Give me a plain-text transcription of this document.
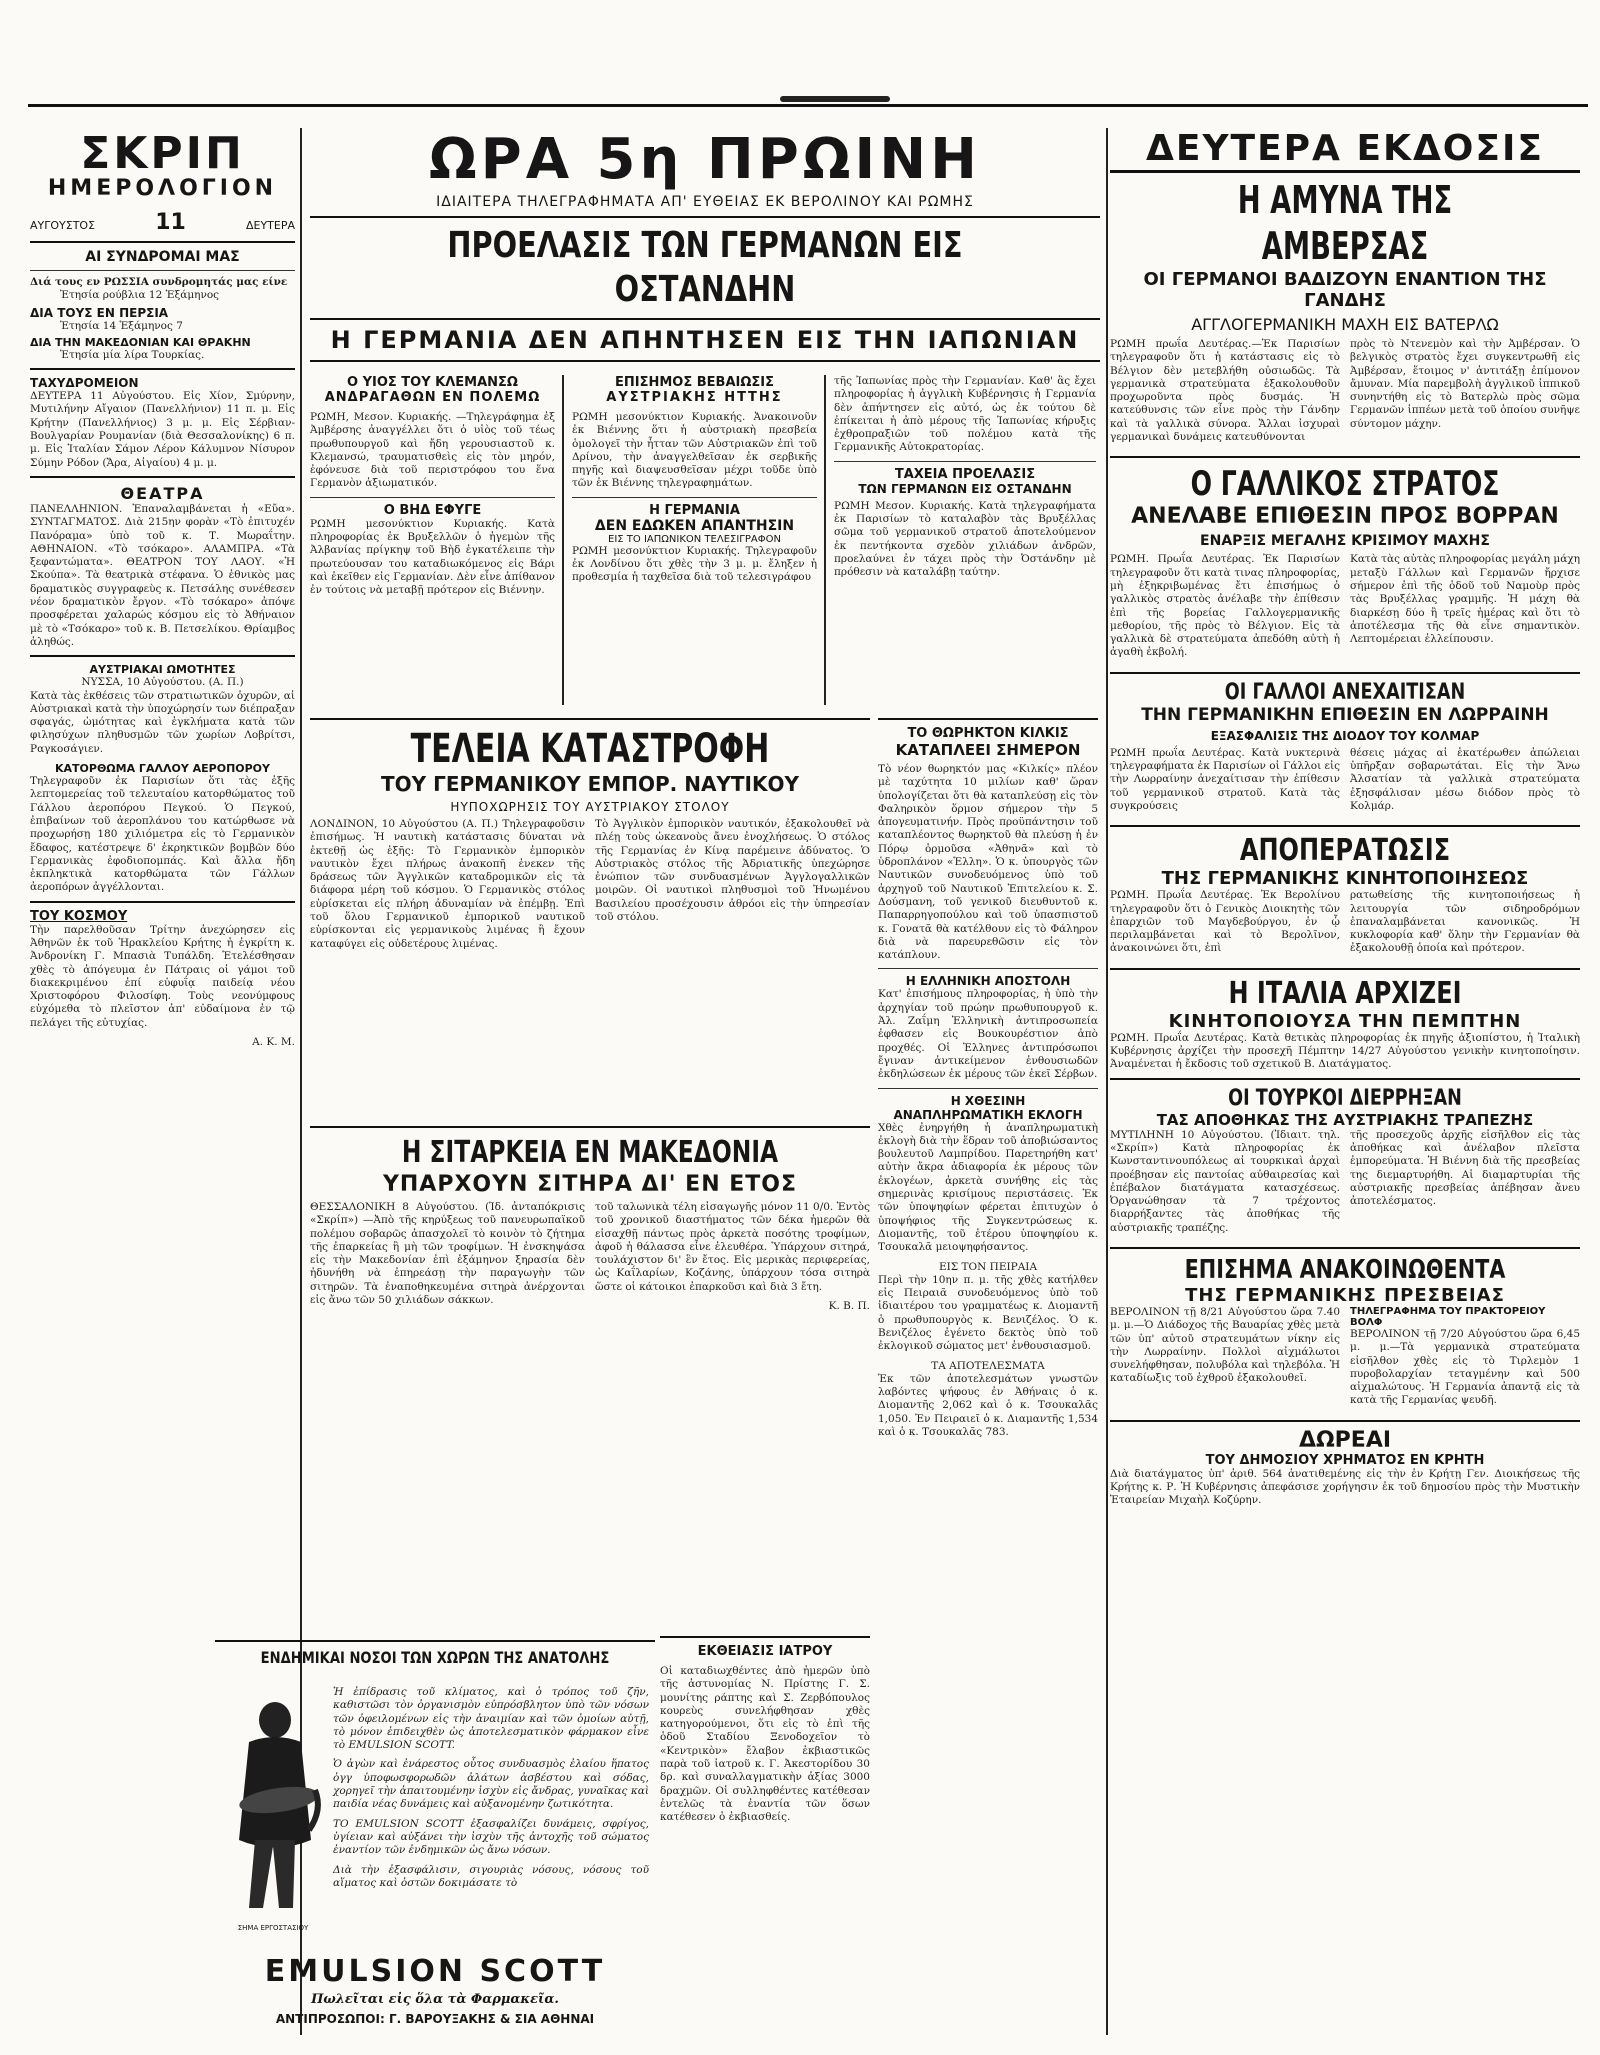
ΣΚΡΙΠ
ΗΜΕΡΟΛΟΓΙΟΝ
ΑΥΓΟΥΣΤΟΣ	11	ΔΕΥΤΕΡΑ
ΑΙ ΣΥΝΔΡΟΜΑΙ ΜΑΣ
Διά τους εν ΡΩΣΣΙΑ συνδρομητάς μας είνε
Ἐτησία ρούβλια 12 Ἑξάμηνος
ΔΙΑ ΤΟΥΣ ΕΝ ΠΕΡΣΙΑ
Ἐτησία 14 Ἑξάμηνος 7
ΔΙΑ ΤΗΝ ΜΑΚΕΔΟΝΙΑΝ ΚΑΙ ΘΡΑΚΗΝ
Ἐτησία μία λίρα Τουρκίας.
ΤΑΧΥΔΡΟΜΕΙΟΝ

ΔΕΥΤΕΡΑ 11 Αὐγούστου. Εἰς Χίον, Σμύρνην, Μυτιλήνην Αἴγαιον (Πανελλήνιον) 11 π. μ. Εἰς Κρήτην (Πανελλήνιος) 3 μ. μ. Εἰς Σέρβιαν-Βουλγαρίαν Ρουμανίαν (διὰ Θεσσαλονίκης) 6 π. μ. Εἰς Ἰταλίαν Σάμον Λέρον Κάλυμνον Νίσυρον Σύμην Ρόδον (Ἄρα, Αἰγαίου) 4 μ. μ.

ΘΕΑΤΡΑ

ΠΑΝΕΛΛΗΝΙΟΝ. Ἐπαναλαμβάνεται ἡ «Εὔα». ΣΥΝΤΑΓΜΑΤΟΣ. Διὰ 215ην φορὰν «Τὸ ἐπιτυχέν Πανόραμα» ὑπὸ τοῦ κ. Τ. Μωραΐτην. ΑΘΗΝΑΙΟΝ. «Τὸ τσόκαρο». ΑΛΑΜΠΡΑ. «Τὰ ξεφαντώματα». ΘΕΑΤΡΟΝ ΤΟΥ ΛΑΟΥ. «Ἡ Σκούπα». Τὰ θεατρικὰ στέφανα. Ὁ ἑθνικὸς μας δραματικὸς συγγραφεὺς κ. Πετσάλης συνέθεσεν νέον δραματικὸν ἔργον. «Τὸ τσόκαρο» ἀπόψε προσφέρεται χαλαρώς κόσμου εἰς τὸ Ἀθήναιον μὲ τὸ «Τσόκαρο» τοῦ κ. Β. Πετσελίκου. Θρίαμβος ἀληθώς.

ΑΥΣΤΡΙΑΚΑΙ ΩΜΟΤΗΤΕΣ
ΝΥΣΣΑ, 10 Αὐγούστου. (Α. Π.)

Κατὰ τὰς ἐκθέσεις τῶν στρατιωτικῶν ὀχυρῶν, αἱ Αὐστριακαὶ κατὰ τὴν ὑποχώρησίν των διέπραξαν σφαγάς, ὡμότητας καὶ ἐγκλήματα κατὰ τῶν φιλησύχων πληθυσμῶν τῶν χωρίων Λοβρίτσι, Ραγκοσάγιεν.

ΚΑΤΟΡΘΩΜΑ ΓΑΛΛΟΥ ΑΕΡΟΠΟΡΟΥ

Τηλεγραφοῦν ἐκ Παρισίων ὅτι τὰς ἐξῆς λεπτομερείας τοῦ τελευταίου κατορθώματος τοῦ Γάλλου ἀεροπόρου Πεγκού. Ὁ Πεγκού, ἐπιβαίνων τοῦ ἀεροπλάνου του κατώρθωσε νὰ προχωρήσῃ 180 χιλιόμετρα εἰς τὸ Γερμανικὸν ἔδαφος, κατέστρεψε δ' ἐκρηκτικῶν βομβῶν δύο Γερμανικὰς ἐφοδιοπομπάς. Καὶ ἄλλα ἤδη ἐκπληκτικὰ κατορθώματα τῶν Γάλλων ἀεροπόρων ἀγγέλλονται.

ΤΟΥ ΚΟΣΜΟΥ

Τὴν παρελθοῦσαν Τρίτην ἀνεχώρησεν εἰς Ἀθηνῶν ἐκ τοῦ Ἡρακλείου Κρήτης ἡ ἐγκρίτη κ. Ἀνδρονίκη Γ. Μπασιὰ Τυπάλδη. Ἐτελέσθησαν χθὲς τὸ ἀπόγευμα ἐν Πάτραις οἱ γάμοι τοῦ διακεκριμένου ἐπί εὐφυΐᾳ παιδείᾳ νέου Χριστοφόρου Φιλοσίφη. Τοὺς νεονύμφους εὐχόμεθα τὸ πλεῖστον ἀπ' εὐδαίμονα ἐν τῷ πελάγει τῆς εὐτυχίας.

Α. Κ. Μ.
ΩΡΑ 5η ΠΡΩΙΝΗ
ΙΔΙΑΙΤΕΡΑ ΤΗΛΕΓΡΑΦΗΜΑΤΑ ΑΠ' ΕΥΘΕΙΑΣ ΕΚ ΒΕΡΟΛΙΝΟΥ ΚΑΙ ΡΩΜΗΣ
ΠΡΟΕΛΑΣΙΣ ΤΩΝ ΓΕΡΜΑΝΩΝ ΕΙΣ ΟΣΤΑΝΔΗΝ
Η ΓΕΡΜΑΝΙΑ ΔΕΝ ΑΠΗΝΤΗΣΕΝ ΕΙΣ ΤΗΝ ΙΑΠΩΝΙΑΝ
Ο ΥΙΟΣ ΤΟΥ ΚΛΕΜΑΝΣΩ
ΑΝΔΡΑΓΑΘΩΝ ΕΝ ΠΟΛΕΜΩ

ΡΩΜΗ, Μεσον. Κυριακής. —Τηλεγράφημα ἐξ Ἀμβέρσης ἀναγγέλλει ὅτι ὁ υἱὸς τοῦ τέως πρωθυπουργοῦ καὶ ἤδη γερουσιαστοῦ κ. Κλεμανσώ, τραυματισθεὶς εἰς τὸν μηρόν, ἐφόνευσε διὰ τοῦ περιστρόφου του ἕνα Γερμανὸν ἀξιωματικόν.

Ο ΒΗΔ ΕΦΥΓΕ

ΡΩΜΗ μεσονύκτιον Κυριακής. Κατὰ πληροφορίας ἐκ Βρυξελλῶν ὁ ἡγεμὼν τῆς Ἀλβανίας πρίγκηψ τοῦ Βὴδ ἐγκατέλειπε τὴν πρωτεύουσαν του καταδιωκόμενος εἰς Βάρι καὶ ἐκεῖθεν εἰς Γερμανίαν. Δὲν εἶνε ἀπίθανον ἐν τούτοις νὰ μεταβῇ πρότερον εἰς Βιέννην.

ΕΠΙΣΗΜΟΣ ΒΕΒΑΙΩΣΙΣ
ΑΥΣΤΡΙΑΚΗΣ ΗΤΤΗΣ

ΡΩΜΗ μεσονύκτιον Κυριακής. Ἀνακοινοῦν ἐκ Βιέννης ὅτι ἡ αὐστριακὴ πρεσβεία ὁμολογεῖ τὴν ἧτταν τῶν Αὐστριακῶν ἐπὶ τοῦ Δρίνου, τὴν ἀναγγελθεῖσαν ἐκ σερβικῆς πηγῆς καὶ διαψευσθεῖσαν μέχρι τοῦδε ὑπὸ τῶν ἐκ Βιέννης τηλεγραφημάτων.

Η ΓΕΡΜΑΝΙΑ
ΔΕΝ ΕΔΩΚΕΝ ΑΠΑΝΤΗΣΙΝ
ΕΙΣ ΤΟ ΙΑΠΩΝΙΚΟΝ ΤΕΛΕΣΙΓΡΑΦΟΝ

ΡΩΜΗ μεσονύκτιον Κυριακής. Τηλεγραφοῦν ἐκ Λονδίνου ὅτι χθὲς τὴν 3 μ. μ. ἔληξεν ἡ προθεσμία ἡ ταχθεῖσα διὰ τοῦ τελεσιγράφου

τῆς Ἰαπωνίας πρὸς τὴν Γερμανίαν. Καθ' ἃς ἔχει πληροφορίας ἡ ἀγγλικὴ Κυβέρνησις ἡ Γερμανία δὲν ἀπήντησεν εἰς αὐτό, ὡς ἐκ τούτου δὲ ἐπίκειται ἡ ἀπὸ μέρους τῆς Ἰαπωνίας κήρυξις ἐχθροπραξιῶν τοῦ πολέμου κατὰ τῆς Γερμανικῆς Αὐτοκρατορίας.

ΤΑΧΕΙΑ ΠΡΟΕΛΑΣΙΣ
ΤΩΝ ΓΕΡΜΑΝΩΝ ΕΙΣ ΟΣΤΑΝΔΗΝ

ΡΩΜΗ Μεσον. Κυριακής. Κατὰ τηλεγραφήματα ἐκ Παρισίων τὸ καταλαβὸν τὰς Βρυξέλλας σῶμα τοῦ γερμανικοῦ στρατοῦ ἀποτελούμενον ἐκ πεντήκοντα σχεδὸν χιλιάδων ἀνδρῶν, προελαύνει ἐν τάχει πρὸς τὴν Ὀστάνδην μὲ πρόθεσιν νὰ καταλάβῃ ταύτην.

ΤΕΛΕΙΑ ΚΑΤΑΣΤΡΟΦΗ
ΤΟΥ ΓΕΡΜΑΝΙΚΟΥ ΕΜΠΟΡ. ΝΑΥΤΙΚΟΥ
ΗΥΠΟΧΩΡΗΣΙΣ ΤΟΥ ΑΥΣΤΡΙΑΚΟΥ ΣΤΟΛΟΥ

ΛΟΝΔΙΝΟΝ, 10 Αὐγούστου (Α. Π.) Τηλεγραφοῦσιν ἐπισήμως. Ἡ ναυτικὴ κατάστασις δύναται νὰ ἐκτεθῇ ὡς ἑξῆς: Τὸ Γερμανικὸν ἐμπορικὸν ναυτικὸν ἔχει πλήρως ἀνακοπῆ ἐνεκεν τῆς δράσεως τῶν Ἀγγλικῶν καταδρομικῶν εἰς τὰ διάφορα μέρη τοῦ κόσμου. Ὁ Γερμανικὸς στόλος εὑρίσκεται εἰς πλήρη ἀδυναμίαν νὰ ἐπέμβῃ. Ἐπὶ τοῦ ὅλου Γερμανικοῦ ἐμπορικοῦ ναυτικοῦ εὑρίσκονται εἰς γερμανικοὺς λιμένας ἢ ἔχουν καταφύγει εἰς οὐδετέρους λιμένας.

Τὸ Ἀγγλικὸν ἐμπορικὸν ναυτικόν, ἐξακολουθεῖ νὰ πλέῃ τοὺς ὠκεανοὺς ἄνευ ἐνοχλήσεως. Ὁ στόλος τῆς Γερμανίας ἐν Κίνᾳ παρέμεινε ἀδύνατος. Ὁ Αὐστριακὸς στόλος τῆς Ἀδριατικῆς ὑπεχώρησε ἐνώπιον τῶν συνδυασμένων Ἀγγλογαλλικῶν μοιρῶν. Οἱ ναυτικοὶ πληθυσμοὶ τοῦ Ἡνωμένου Βασιλείου προσέχουσιν ἀθρόοι εἰς τὴν ὑπηρεσίαν τοῦ στόλου.

Η ΣΙΤΑΡΚΕΙΑ ΕΝ ΜΑΚΕΔΟΝΙΑ
ΥΠΑΡΧΟΥΝ ΣΙΤΗΡΑ ΔΙ' ΕΝ ΕΤΟΣ

ΘΕΣΣΑΛΟΝΙΚΗ 8 Αὐγούστου. (Ἰδ. ἀνταπόκρισις «Σκρίπ») —Ἀπὸ τῆς κηρύξεως τοῦ πανευρωπαϊκοῦ πολέμου σοβαρῶς ἀπασχολεῖ τὸ κοινὸν τὸ ζήτημα τῆς ἐπαρκείας ἢ μὴ τῶν τροφίμων. Ἡ ἐνσκηψάσα εἰς τὴν Μακεδονίαν ἐπὶ ἑξάμηνον ξηρασία δὲν ἠδυνήθη νὰ ἐπηρεάσῃ τὴν παραγωγὴν τῶν σιτηρῶν. Τὰ ἐναποθηκευμένα σιτηρὰ ἀνέρχονται εἰς ἄνω τῶν 50 χιλιάδων σάκκων.

τοῦ ταλωνικὰ τέλη εἰσαγωγῆς μόνον 11 0/0. Ἐντὸς τοῦ χρονικοῦ διαστήματος τῶν δέκα ἡμερῶν θὰ εἰσαχθῇ πάντως πρὸς ἀρκετὰ ποσότης τροφίμων, ἀφοῦ ἡ θάλασσα εἶνε ἐλευθέρα. Ὑπάρχουν σιτηρά, τουλάχιστον δι' ἓν ἔτος. Εἰς μερικὰς περιφερείας, ὡς Καΐλαρίων, Κοζάνης, ὑπάρχουν τόσα σιτηρὰ ὥστε οἱ κάτοικοι ἐπαρκοῦσι καὶ διὰ 3 ἔτη.

Κ. Β. Π.
ΤΟ ΘΩΡΗΚΤΟΝ ΚΙΛΚΙΣ
ΚΑΤΑΠΛΕΕΙ ΣΗΜΕΡΟΝ

Τὸ νέον θωρηκτόν μας «Κιλκίς» πλέον μὲ ταχύτητα 10 μιλίων καθ' ὥραν ὑπολογίζεται ὅτι θὰ καταπλεύσῃ εἰς τὸν Φαληρικὸν ὅρμον σήμερον τὴν 5 ἀπογευματινήν. Πρὸς προϋπάντησιν τοῦ καταπλέοντος θωρηκτοῦ θὰ πλεύσῃ ἡ ἐν Πόρῳ ὁρμοῦσα «Ἀθηνᾶ» καὶ τὸ ὑδροπλάνον «Ἑλλη». Ὁ κ. ὑπουργὸς τῶν Ναυτικῶν συνοδευόμενος ὑπὸ τοῦ ἀρχηγοῦ τοῦ Ναυτικοῦ Ἐπιτελείου κ. Σ. Δούσμανη, τοῦ γενικοῦ διευθυντοῦ κ. Παπαρρηγοπούλου καὶ τοῦ ὑπασπιστοῦ κ. Γονατᾶ θὰ κατέλθουν εἰς τὸ Φάληρον διὰ νὰ παρευρεθῶσιν εἰς τὸν κατάπλουν.

Η ΕΛΛΗΝΙΚΗ ΑΠΟΣΤΟΛΗ

Κατ' ἐπισήμους πληροφορίας, ἡ ὑπὸ τὴν ἀρχηγίαν τοῦ πρώην πρωθυπουργοῦ κ. Ἀλ. Ζαΐμη Ἑλληνικὴ ἀντιπροσωπεία ἐφθασεν εἰς Βουκουρέστιον ἀπὸ προχθές. Οἱ Ἑλληνες ἀντιπρόσωποι ἔγιναν ἀντικείμενον ἐνθουσιωδῶν ἐκδηλώσεων ἐκ μέρους τῶν ἐκεῖ Σέρβων.

Η ΧΘΕΣΙΝΗ
ΑΝΑΠΛΗΡΩΜΑΤΙΚΗ ΕΚΛΟΓΗ

Χθὲς ἐνηργήθη ἡ ἀναπληρωματικὴ ἐκλογὴ διὰ τὴν ἕδραν τοῦ ἀποβιώσαντος βουλευτοῦ Λαμπρίδου. Παρετηρήθη κατ' αὐτὴν ἄκρα ἀδιαφορία ἐκ μέρους τῶν ἐκλογέων, ἀρκετὰ συνήθης εἰς τὰς σημερινὰς κρισίμους περιστάσεις. Ἐκ τῶν ὑποψηφίων φέρεται ἐπιτυχὼν ὁ ὑποψήφιος τῆς Συγκεντρώσεως κ. Διομαντῆς, τοῦ ἑτέρου ὑποψηφίου κ. Τσουκαλᾶ μειοψηφήσαντος.

ΕΙΣ ΤΟΝ ΠΕΙΡΑΙΑ

Περὶ τὴν 10ην π. μ. τῆς χθὲς κατήλθεν εἰς Πειραιᾶ συνοδευόμενος ὑπὸ τοῦ ἰδιαιτέρου του γραμματέως κ. Διομαντῆ ὁ πρωθυπουργὸς κ. Βενιζέλος. Ὁ κ. Βενιζέλος ἐγένετο δεκτὸς ὑπὸ τοῦ ἐκλογικοῦ σώματος μετ' ἐνθουσιασμοῦ.

ΤΑ ΑΠΟΤΕΛΕΣΜΑΤΑ

Ἐκ τῶν ἀποτελεσμάτων γνωστῶν λαβόντες ψήφους ἐν Ἀθήναις ὁ κ. Διομαντῆς 2,062 καὶ ὁ κ. Τσουκαλᾶς 1,050. Ἐν Πειραιεῖ ὁ κ. Διαμαντῆς 1,534 καὶ ὁ κ. Τσουκαλᾶς 783.

ΕΚΘΕΙΑΣΙΣ ΙΑΤΡΟΥ

Οἱ καταδιωχθέντες ἀπὸ ἡμερῶν ὑπὸ τῆς ἀστυνομίας Ν. Πρίστης Γ. Σ. μουνίτης ράπτης καὶ Σ. Ζερβόπουλος κουρεὺς συνελήφθησαν χθὲς κατηγορούμενοι, ὅτι εἰς τὸ ἐπὶ τῆς ὁδοῦ Σταδίου Ξενοδοχεῖον τὸ «Κεντρικὸν» ἔλαβον ἐκβιαστικῶς παρὰ τοῦ ἰατροῦ κ. Γ. Ἀκεστορίδου 30 δρ. καὶ συναλλαγματικὴν ἀξίας 3000 δραχμῶν. Οἱ συλληφθέντες κατέθεσαν ἐντελῶς τὰ ἐναντία τῶν ὅσων κατέθεσεν ὁ ἐκβιασθείς.

ΕΝΔΗΜΙΚΑΙ ΝΟΣΟΙ ΤΩΝ ΧΩΡΩΝ ΤΗΣ ΑΝΑΤΟΛΗΣ
ΣΗΜΑ ΕΡΓΟΣΤΑΣΙΟΥ

Ἡ ἐπίδρασις τοῦ κλίματος, καὶ ὁ τρόπος τοῦ ζῆν, καθιστῶσι τὸν ὀργανισμὸν εὐπρόσβλητον ὑπὸ τῶν νόσων τῶν ὀφειλομένων εἰς τὴν ἀναιμίαν καὶ τῶν ὁμοίων αὐτῇ, τὸ μόνον ἐπιδειχθὲν ὡς ἀποτελεσματικὸν φάρμακον εἶνε τὸ EMULSION SCOTT.

Ὁ ἀγὼν καὶ ἐνάρεστος οὗτος συνδυασμὸς ἐλαίου ἥπατος ὁγγ ὑποφωσφορωδῶν ἀλάτων ἀσβέστου καὶ σόδας, χορηγεῖ τὴν ἀπαιτουμένην ἰσχὺν εἰς ἄνδρας, γυναῖκας καὶ παιδία νέας δυνάμεις καὶ αὐξανομένην ζωτικότητα.

ΤΟ EMULSION SCOTT ἐξασφαλίζει δυνάμεις, σφρίγος, ὑγίειαν καὶ αὐξάνει τὴν ἰσχὺν τῆς ἀντοχῆς τοῦ σώματος ἐναντίον τῶν ἐνδημικῶν ὡς ἄνω νόσων.

Διὰ τὴν ἐξασφάλισιν, σιγουριὰς νόσους, νόσους τοῦ αἵματος καὶ ὀστῶν δοκιμάσατε τὸ

EMULSION SCOTT
Πωλεῖται εἰς ὅλα τὰ Φαρμακεῖα.
ΑΝΤΙΠΡΟΣΩΠΟΙ: Γ. ΒΑΡΟΥΞΑΚΗΣ & ΣΙΑ ΑΘΗΝΑΙ
ΔΕΥΤΕΡΑ ΕΚΔΟΣΙΣ
Η ΑΜΥΝΑ ΤΗΣ ΑΜΒΕΡΣΑΣ
ΟΙ ΓΕΡΜΑΝΟΙ ΒΑΔΙΖΟΥΝ ΕΝΑΝΤΙΟΝ ΤΗΣ ΓΑΝΔΗΣ
ΑΓΓΛΟΓΕΡΜΑΝΙΚΗ ΜΑΧΗ ΕΙΣ ΒΑΤΕΡΛΩ

ΡΩΜΗ πρωΐα Δευτέρας.—Ἐκ Παρισίων τηλεγραφοῦν ὅτι ἡ κατάστασις εἰς τὸ Βέλγιον δὲν μετεβλήθη οὐσιωδῶς. Τὰ γερμανικὰ στρατεύματα ἐξακολουθοῦν προχωροῦντα πρὸς δυσμάς. Ἡ κατεύθυνσις τῶν εἶνε πρὸς τὴν Γάνδην καὶ τὰ γαλλικὰ σύνορα. Ἄλλαι ἰσχυραὶ γερμανικαὶ δυνάμεις κατευθύνονται

πρὸς τὸ Ντενεμὸν καὶ τὴν Ἀμβέρσαν. Ὁ βελγικὸς στρατὸς ἔχει συγκεντρωθῆ εἰς Ἀμβέρσαν, ἕτοιμος ν' ἀντιτάξῃ ἐπίμονον ἄμυναν. Μία παρεμβολὴ ἀγγλικοῦ ἱππικοῦ συνηντήθη εἰς τὸ Βατερλὼ πρὸς σῶμα Γερμανῶν ἱππέων μετὰ τοῦ ὁποίου συνῆψε σύντομον μάχην.

Ο ΓΑΛΛΙΚΟΣ ΣΤΡΑΤΟΣ
ΑΝΕΛΑΒΕ ΕΠΙΘΕΣΙΝ ΠΡΟΣ ΒΟΡΡΑΝ
ΕΝΑΡΞΙΣ ΜΕΓΑΛΗΣ ΚΡΙΣΙΜΟΥ ΜΑΧΗΣ

ΡΩΜΗ. Πρωΐα Δευτέρας. Ἐκ Παρισίων τηλεγραφοῦν ὅτι κατὰ τινας πληροφορίας, μὴ ἐξηκριβωμένας ἔτι ἐπισήμως ὁ γαλλικὸς στρατὸς ἀνέλαβε τὴν ἐπίθεσιν ἐπὶ τῆς βορείας Γαλλογερμανικῆς μεθορίου, τῆς πρὸς τὸ Βέλγιον. Εἰς τὰ γαλλικὰ δὲ στρατεύματα ἀπεδόθη αὐτὴ ἡ ἀγαθὴ ἐκβολή.

Κατὰ τὰς αὐτὰς πληροφορίας μεγάλη μάχη μεταξὺ Γάλλων καὶ Γερμανῶν ἤρχισε σήμερον ἐπὶ τῆς ὁδοῦ τοῦ Ναμοὺρ πρὸς τὰς Βρυξέλλας γραμμῆς. Ἡ μάχη θὰ διαρκέσῃ δύο ἢ τρεῖς ἡμέρας καὶ ὅτι τὸ ἀποτέλεσμα τῆς θὰ εἶνε σημαντικὸν. Λεπτομέρειαι ἐλλείπουσιν.

ΟΙ ΓΑΛΛΟΙ ΑΝΕΧΑΙΤΙΣΑΝ
ΤΗΝ ΓΕΡΜΑΝΙΚΗΝ ΕΠΙΘΕΣΙΝ ΕΝ ΛΩΡΡΑΙΝΗ
ΕΞΑΣΦΑΛΙΣΙΣ ΤΗΣ ΔΙΟΔΟΥ ΤΟΥ ΚΟΛΜΑΡ

ΡΩΜΗ πρωΐα Δευτέρας. Κατὰ νυκτερινὰ τηλεγραφήματα ἐκ Παρισίων οἱ Γάλλοι εἰς τὴν Λωρραίνην ἀνεχαίτισαν τὴν ἐπίθεσιν τοῦ γερμανικοῦ στρατοῦ. Κατὰ τὰς συγκρούσεις

θέσεις μάχας αἱ ἑκατέρωθεν ἀπώλειαι ὑπῆρξαν σοβαρωτάται. Εἰς τὴν Ἄνω Ἀλσατίαν τὰ γαλλικὰ στρατεύματα ἐξησφάλισαν μέσω διόδον πρὸς τὸ Κολμάρ.

ΑΠΟΠΕΡΑΤΩΣΙΣ
ΤΗΣ ΓΕΡΜΑΝΙΚΗΣ ΚΙΝΗΤΟΠΟΙΗΣΕΩΣ

ΡΩΜΗ. Πρωΐα Δευτέρας. Ἐκ Βερολίνου τηλεγραφοῦν ὅτι ὁ Γενικὸς Διοικητὴς τῶν ἐπαρχιῶν τοῦ Μαγδεβούργου, ἐν ᾧ περιλαμβάνεται καὶ τὸ Βερολῖνον, ἀνακοινώνει ὅτι, ἐπὶ

ρατωθείσης τῆς κινητοποιήσεως ἡ λειτουργία τῶν σιδηροδρόμων ἐπαναλαμβάνεται κανονικῶς. Ἡ κυκλοφορία καθ' ὅλην τὴν Γερμανίαν θὰ ἐξακολουθῇ ὁποία καὶ πρότερον.

Η ΙΤΑΛΙΑ ΑΡΧΙΖΕΙ
ΚΙΝΗΤΟΠΟΙΟΥΣΑ ΤΗΝ ΠΕΜΠΤΗΝ

ΡΩΜΗ. Πρωΐα Δευτέρας. Κατὰ θετικὰς πληροφορίας ἐκ πηγῆς ἀξιοπίστου, ἡ Ἰταλικὴ Κυβέρνησις ἀρχίζει τὴν προσεχῆ Πέμπτην 14/27 Αὐγούστου γενικὴν κινητοποίησιν. Ἀναμένεται ἡ ἔκδοσις τοῦ σχετικοῦ Β. Διατάγματος.

ΟΙ ΤΟΥΡΚΟΙ ΔΙΕΡΡΗΞΑΝ
ΤΑΣ ΑΠΟΘΗΚΑΣ ΤΗΣ ΑΥΣΤΡΙΑΚΗΣ ΤΡΑΠΕΖΗΣ

ΜΥΤΙΛΗΝΗ 10 Αὐγούστου. (Ἰδιαιτ. τηλ. «Σκρίπ») Κατὰ πληροφορίας ἐκ Κωνσταντινουπόλεως αἱ τουρκικαὶ ἀρχαὶ προέβησαν εἰς παντοίας αὐθαιρεσίας καὶ ἐπέβαλον διατάγματα κατασχέσεως. Ὀργανώθησαν τὰ 7 τρέχοντος διαρρήξαντες τὰς ἀποθήκας τῆς αὐστριακῆς τραπέζης.

τῆς προσεχοῦς ἀρχῆς εἰσῆλθον εἰς τὰς ἀποθήκας καὶ ἀνέλαβον πλεῖστα ἐμπορεύματα. Ἡ Βιέννη διὰ τῆς πρεσβείας της διεμαρτυρήθη. Αἱ διαμαρτυρίαι τῆς αὐστριακῆς πρεσβείας ἀπέβησαν ἄνευ ἀποτελέσματος.

ΕΠΙΣΗΜΑ ΑΝΑΚΟΙΝΩΘΕΝΤΑ
ΤΗΣ ΓΕΡΜΑΝΙΚΗΣ ΠΡΕΣΒΕΙΑΣ

ΒΕΡΟΛΙΝΟΝ τῇ 8/21 Αὐγούστου ὥρα 7.40 μ. μ.—Ὁ Διάδοχος τῆς Βαυαρίας χθὲς μετὰ τῶν ὑπ' αὐτοῦ στρατευμάτων νίκην εἰς τὴν Λωρραίνην. Πολλοὶ αἰχμάλωτοι συνελήφθησαν, πολυβόλα καὶ τηλεβόλα. Ἡ καταδίωξις τοῦ ἐχθροῦ ἐξακολουθεῖ.

ΤΗΛΕΓΡΑΦΗΜΑ ΤΟΥ ΠΡΑΚΤΟΡΕΙΟΥ ΒΟΛΦ

ΒΕΡΟΛΙΝΟΝ τῇ 7/20 Αὐγούστου ὥρα 6,45 μ. μ.—Τὰ γερμανικὰ στρατεύματα εἰσῆλθον χθὲς εἰς τὸ Τιρλεμὸν 1 πυροβολαρχίαν τεταγμένην καὶ 500 αἰχμαλώτους. Ἡ Γερμανία ἀπαντᾷ εἰς τὰ κατὰ τῆς Γερμανίας ψευδῆ.

ΔΩΡΕΑΙ
ΤΟΥ ΔΗΜΟΣΙΟΥ ΧΡΗΜΑΤΟΣ ΕΝ ΚΡΗΤΗ

Διὰ διατάγματος ὑπ' ἀριθ. 564 ἀνατιθεμένης εἰς τὴν ἐν Κρήτῃ Γεν. Διοικήσεως τῆς Κρήτης κ. Ρ. Ἡ Κυβέρνησις ἀπεφάσισε χορήγησιν ἐκ τοῦ δημοσίου πρὸς τὴν Μυστικὴν Ἑταιρείαν Μιχαὴλ Κοζύρην.
